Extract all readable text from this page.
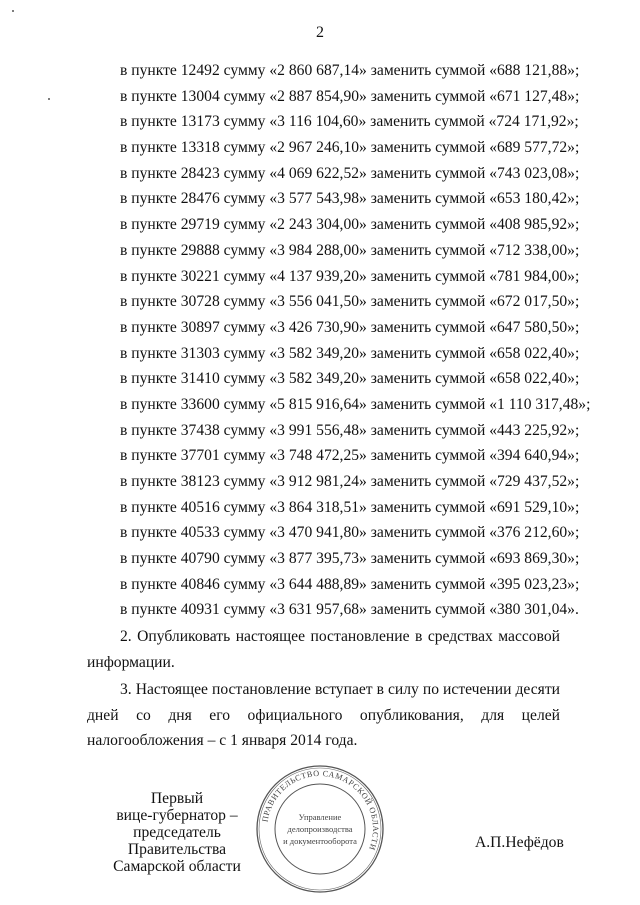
2
в пункте 12492 сумму «2 860 687,14» заменить суммой «688 121,88»;
в пункте 13004 сумму «2 887 854,90» заменить суммой «671 127,48»;
в пункте 13173 сумму «3 116 104,60» заменить суммой «724 171,92»;
в пункте 13318 сумму «2 967 246,10» заменить суммой «689 577,72»;
в пункте 28423 сумму «4 069 622,52» заменить суммой «743 023,08»;
в пункте 28476 сумму «3 577 543,98» заменить суммой «653 180,42»;
в пункте 29719 сумму «2 243 304,00» заменить суммой «408 985,92»;
в пункте 29888 сумму «3 984 288,00» заменить суммой «712 338,00»;
в пункте 30221 сумму «4 137 939,20» заменить суммой «781 984,00»;
в пункте 30728 сумму «3 556 041,50» заменить суммой «672 017,50»;
в пункте 30897 сумму «3 426 730,90» заменить суммой «647 580,50»;
в пункте 31303 сумму «3 582 349,20» заменить суммой «658 022,40»;
в пункте 31410 сумму «3 582 349,20» заменить суммой «658 022,40»;
в пункте 33600 сумму «5 815 916,64» заменить суммой «1 110 317,48»;
в пункте 37438 сумму «3 991 556,48» заменить суммой «443 225,92»;
в пункте 37701 сумму «3 748 472,25» заменить суммой «394 640,94»;
в пункте 38123 сумму «3 912 981,24» заменить суммой «729 437,52»;
в пункте 40516 сумму «3 864 318,51» заменить суммой «691 529,10»;
в пункте 40533 сумму «3 470 941,80» заменить суммой «376 212,60»;
в пункте 40790 сумму «3 877 395,73» заменить суммой «693 869,30»;
в пункте 40846 сумму «3 644 488,89» заменить суммой «395 023,23»;
в пункте 40931 сумму «3 631 957,68» заменить суммой «380 301,04».
2. Опубликовать настоящее постановление в средствах массовой
информации.
3. Настоящее постановление вступает в силу по истечении десяти
дней со дня его официального опубликования, для целей
налогообложения – с 1 января 2014 года.
Первый
вице-губернатор –
председатель Правительства
Самарской области
ПРАВИТЕЛЬСТВО САМАРСКОЙ ОБЛАСТИ
Управление
делопроизводства
и документооборота	А.П.Нефёдов
